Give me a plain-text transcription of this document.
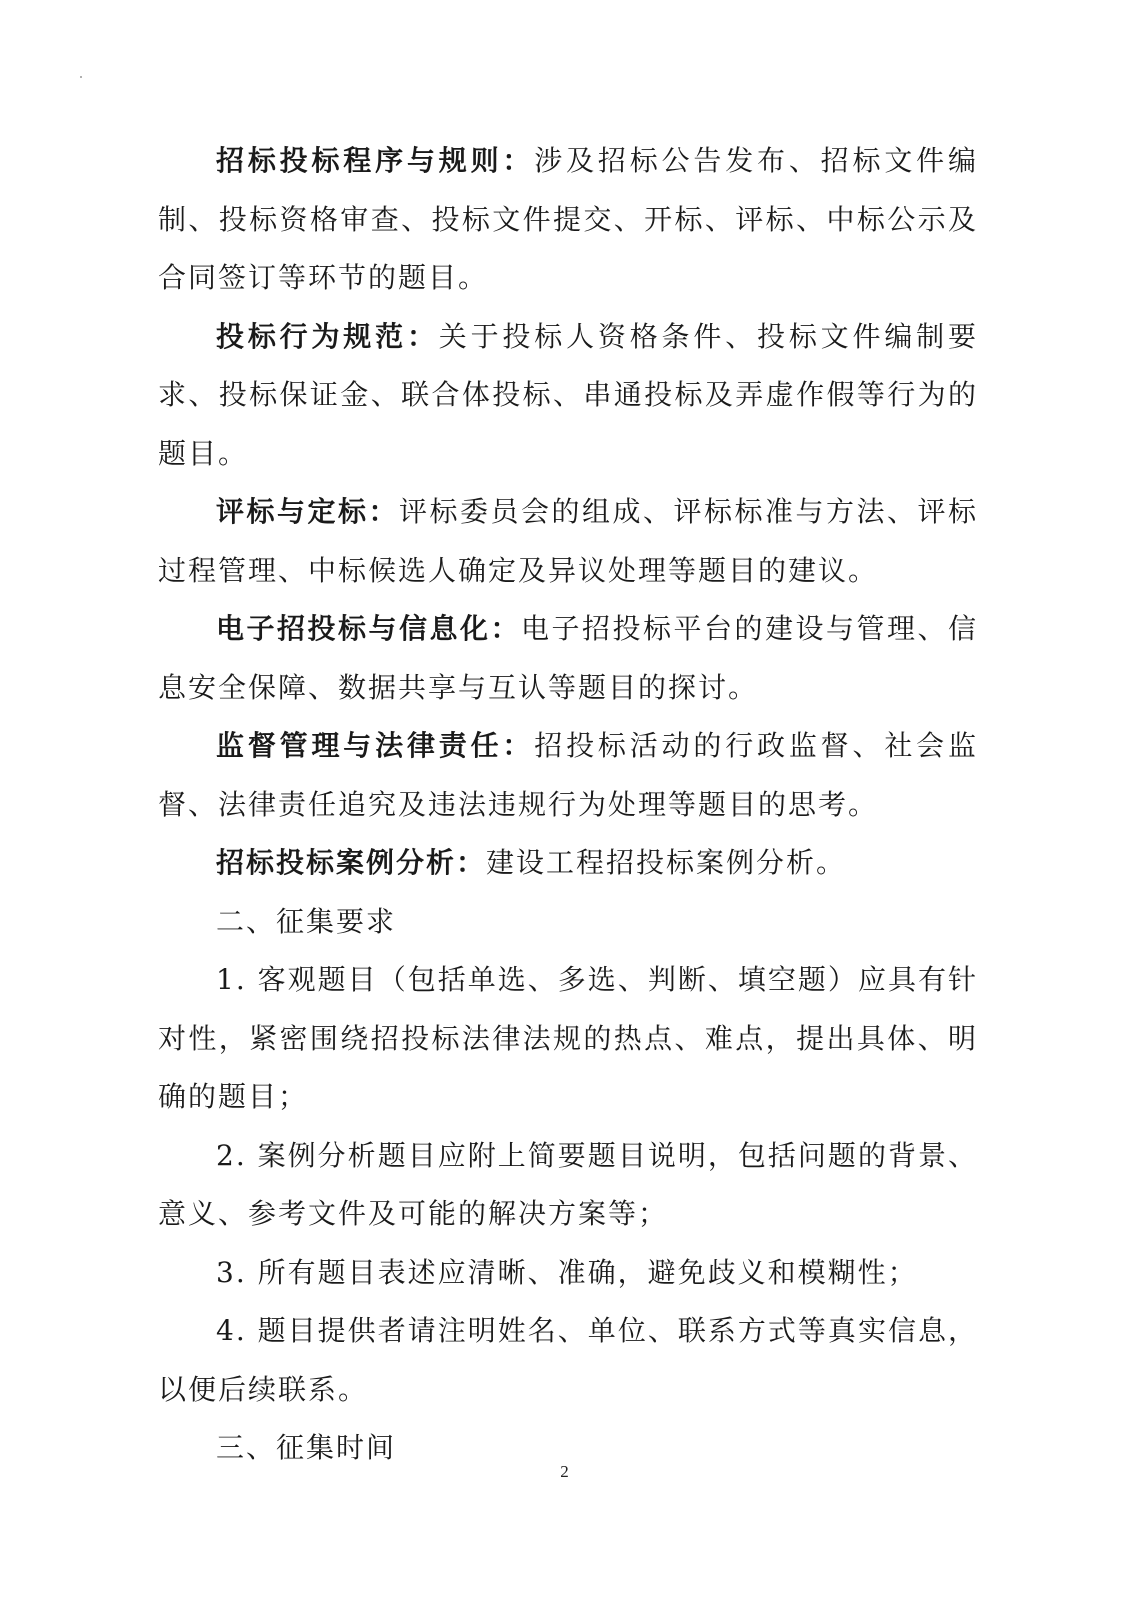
招标投标程序与规则：涉及招标公告发布、招标文件编制、投标资格审查、投标文件提交、开标、评标、中标公示及合同签订等环节的题目。

投标行为规范：关于投标人资格条件、投标文件编制要求、投标保证金、联合体投标、串通投标及弄虚作假等行为的题目。

评标与定标：评标委员会的组成、评标标准与方法、评标过程管理、中标候选人确定及异议处理等题目的建议。

电子招投标与信息化：电子招投标平台的建设与管理、信息安全保障、数据共享与互认等题目的探讨。

监督管理与法律责任：招投标活动的行政监督、社会监督、法律责任追究及违法违规行为处理等题目的思考。

招标投标案例分析：建设工程招投标案例分析。

二、征集要求

1. 客观题目（包括单选、多选、判断、填空题）应具有针对性，紧密围绕招投标法律法规的热点、难点，提出具体、明确的题目；

2. 案例分析题目应附上简要题目说明，包括问题的背景、意义、参考文件及可能的解决方案等；

3. 所有题目表述应清晰、准确，避免歧义和模糊性；

4. 题目提供者请注明姓名、单位、联系方式等真实信息，以便后续联系。

三、征集时间

2
